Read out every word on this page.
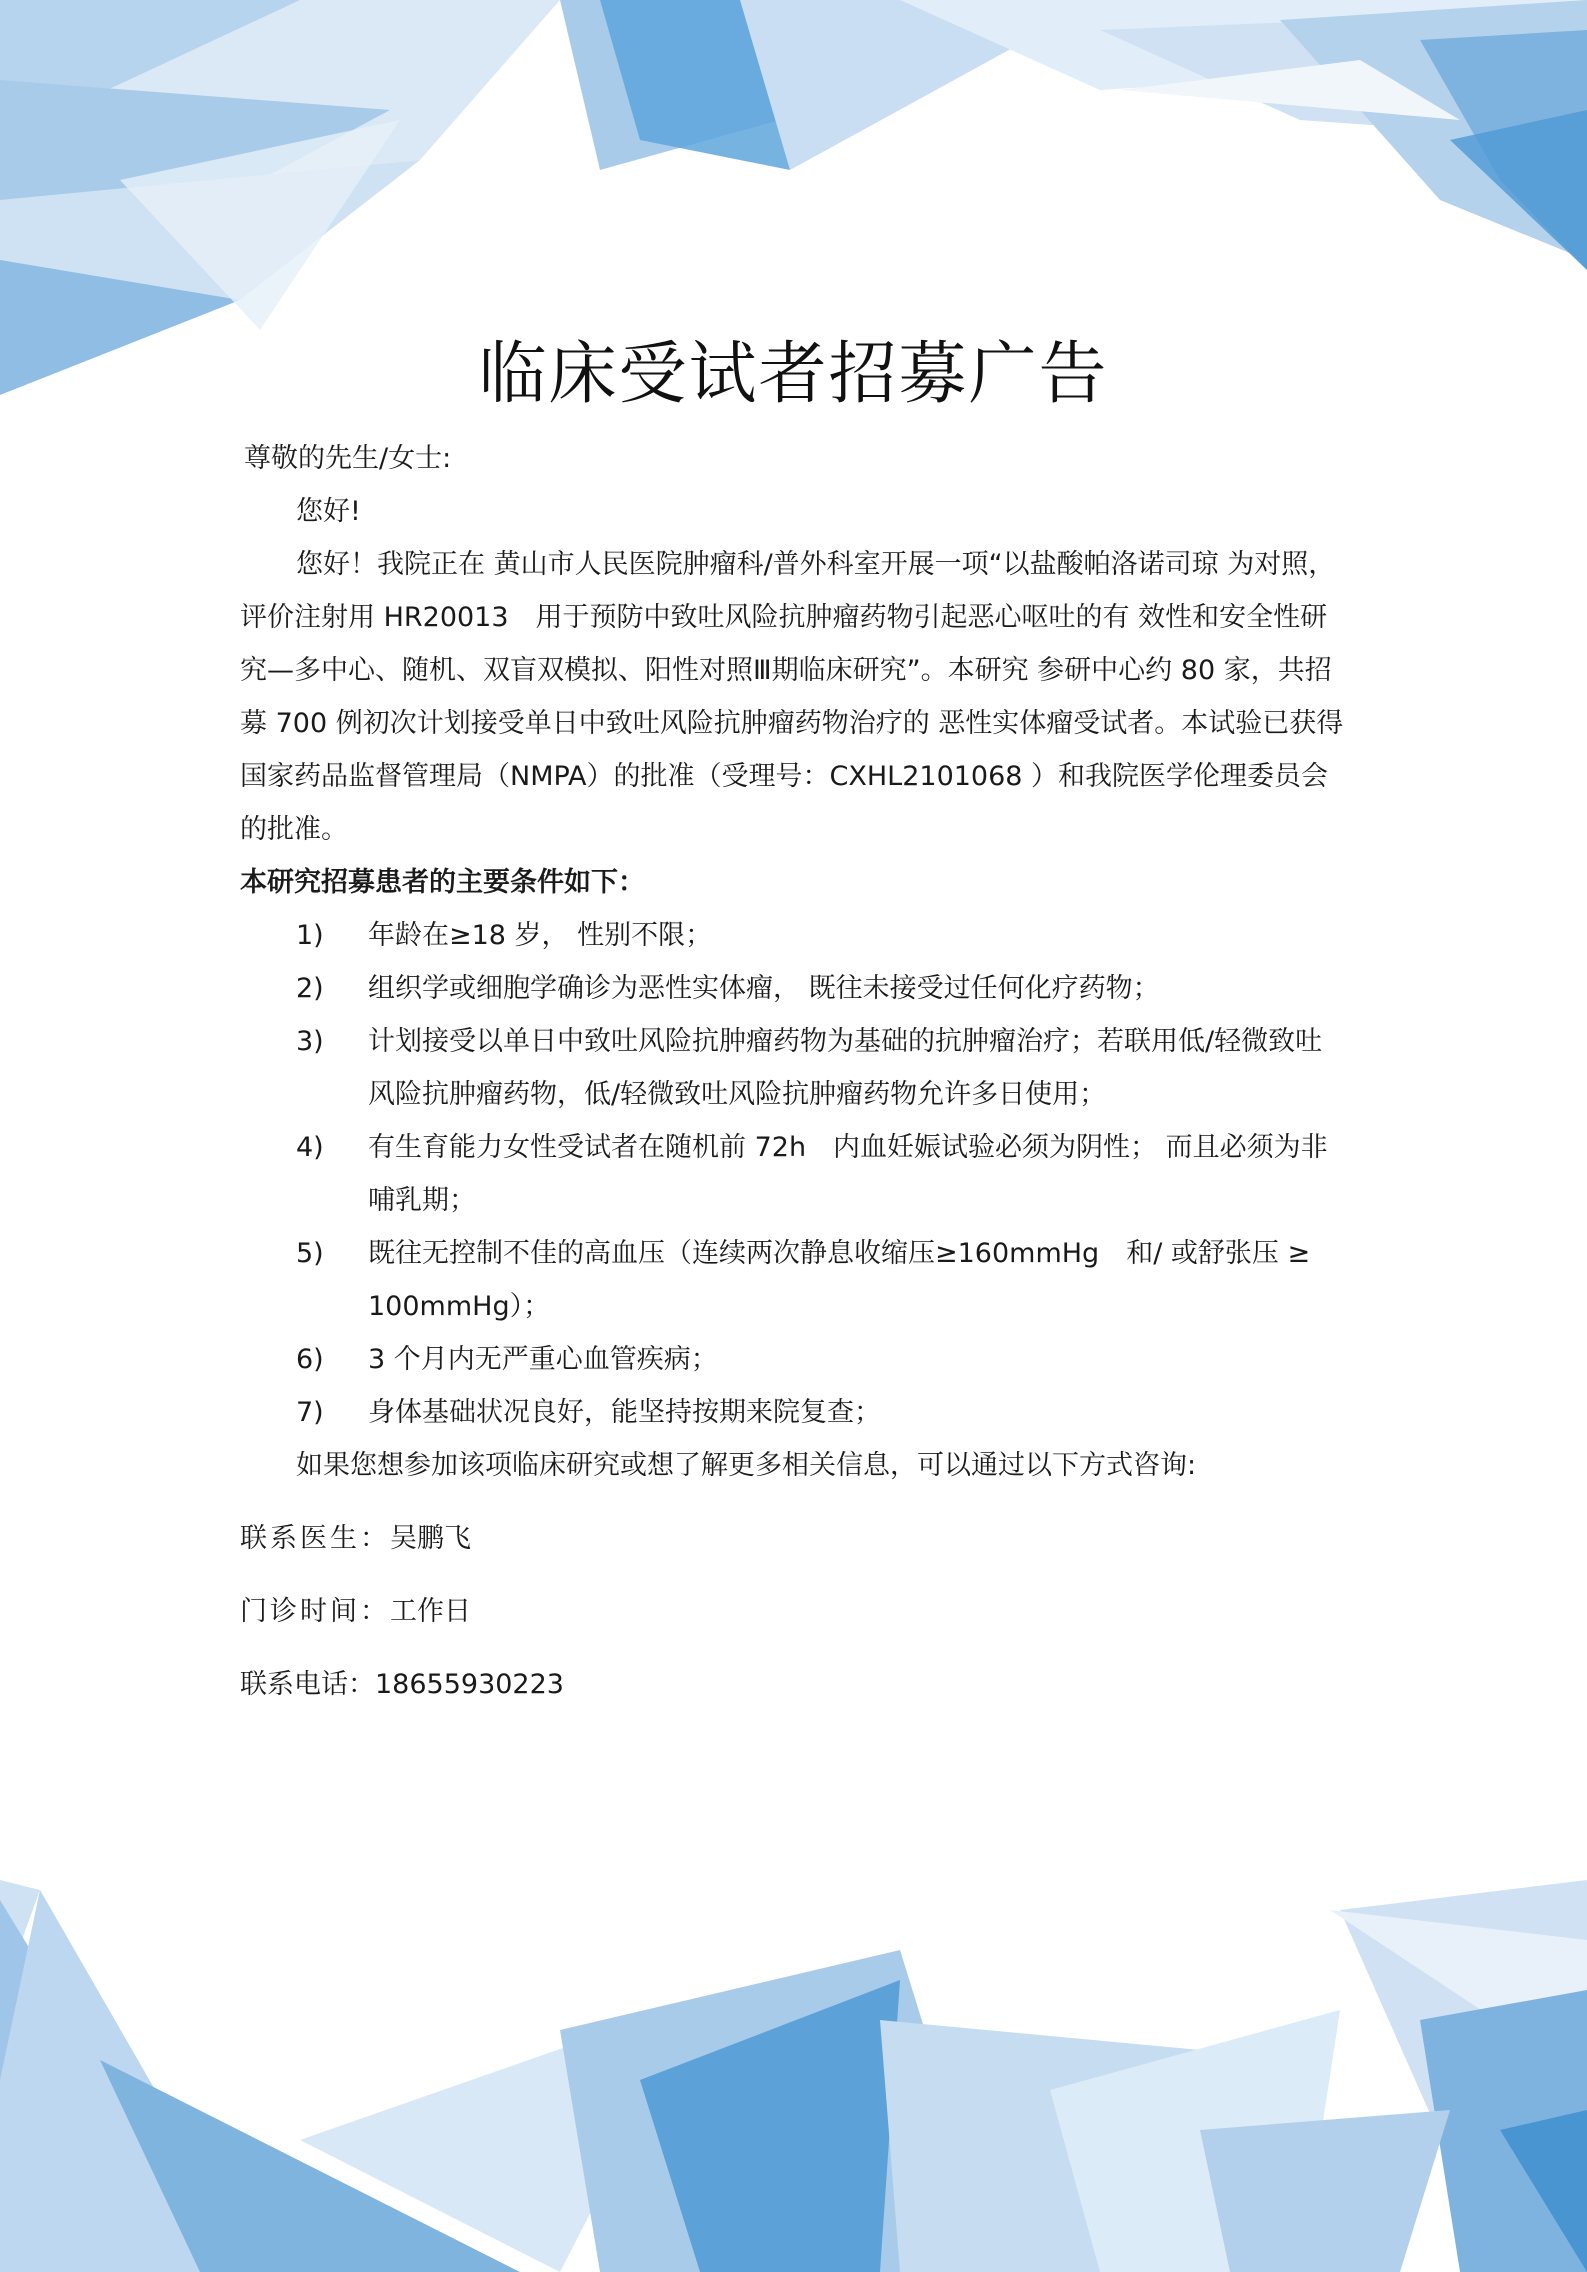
临床受试者招募广告

尊敬的先生/女士:

您好!

您好！我院正在 黄山市人民医院肿瘤科/普外科室开展一项“以盐酸帕洛诺司琼 为对照，评价注射用 HR20013　用于预防中致吐风险抗肿瘤药物引起恶心呕吐的有 效性和安全性研究—多中心、随机、双盲双模拟、阳性对照Ⅲ期临床研究”。本研究 参研中心约 80 家，共招募 700 例初次计划接受单日中致吐风险抗肿瘤药物治疗的 恶性实体瘤受试者。本试验已获得国家药品监督管理局（NMPA）的批准（受理号：CXHL2101068 ）和我院医学伦理委员会的批准。

本研究招募患者的主要条件如下：

1)	年龄在≥18 岁， 性别不限；
2)	组织学或细胞学确诊为恶性实体瘤， 既往未接受过任何化疗药物；
3)	计划接受以单日中致吐风险抗肿瘤药物为基础的抗肿瘤治疗；若联用低/轻微致吐风险抗肿瘤药物，低/轻微致吐风险抗肿瘤药物允许多日使用；
4)	有生育能力女性受试者在随机前 72h　内血妊娠试验必须为阴性； 而且必须为非哺乳期；
5)	既往无控制不佳的高血压（连续两次静息收缩压≥160mmHg　和/ 或舒张压 ≥ 100mmHg）；
6)	3 个月内无严重心血管疾病；
7)	身体基础状况良好，能坚持按期来院复查；

如果您想参加该项临床研究或想了解更多相关信息，可以通过以下方式咨询:

联系医生：吴鹏飞

门诊时间：工作日

联系电话：18655930223
